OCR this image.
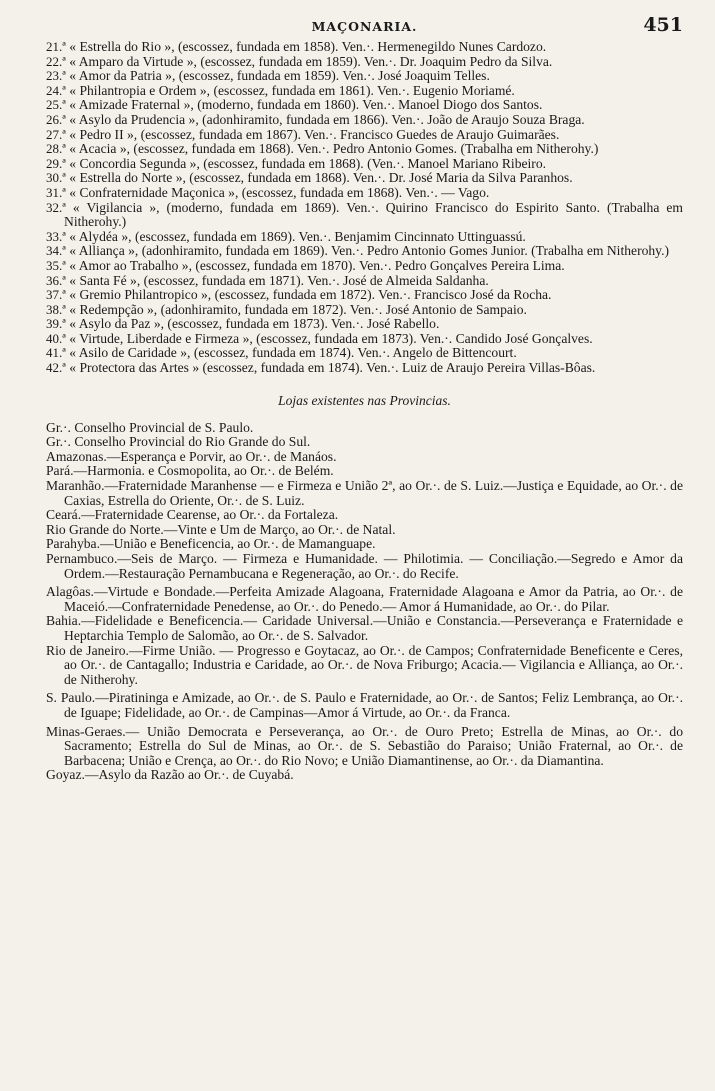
MAÇONARIA.	451

21.ª « Estrella do Rio », (escossez, fundada em 1858). Ven.·. Hermenegildo Nunes Cardozo.

22.ª « Amparo da Virtude », (escossez, fundada em 1859). Ven.·. Dr. Joaquim Pedro da Silva.

23.ª « Amor da Patria », (escossez, fundada em 1859). Ven.·. José Joaquim Telles.

24.ª « Philantropia e Ordem », (escossez, fundada em 1861). Ven.·. Eugenio Moriamé.

25.ª « Amizade Fraternal », (moderno, fundada em 1860). Ven.·. Manoel Diogo dos Santos.

26.ª « Asylo da Prudencia », (adonhiramito, fundada em 1866). Ven.·. João de Araujo Souza Braga.

27.ª « Pedro II », (escossez, fundada em 1867). Ven.·. Francisco Guedes de Araujo Guimarães.

28.ª « Acacia », (escossez, fundada em 1868). Ven.·. Pedro Antonio Gomes. (Trabalha em Nitherohy.)

29.ª « Concordia Segunda », (escossez, fundada em 1868). (Ven.·. Manoel Mariano Ribeiro.

30.ª « Estrella do Norte », (escossez, fundada em 1868). Ven.·. Dr. José Maria da Silva Paranhos.

31.ª « Confraternidade Maçonica », (escossez, fundada em 1868). Ven.·. — Vago.

32.ª « Vigilancia », (moderno, fundada em 1869). Ven.·. Quirino Francisco do Espirito Santo. (Trabalha em Nitherohy.)

33.ª « Alydéa », (escossez, fundada em 1869). Ven.·. Benjamim Cincinnato Uttinguassú.

34.ª « Alliança », (adonhiramito, fundada em 1869). Ven.·. Pedro Antonio Gomes Junior. (Trabalha em Nitherohy.)

35.ª « Amor ao Trabalho », (escossez, fundada em 1870). Ven.·. Pedro Gonçalves Pereira Lima.

36.ª « Santa Fé », (escossez, fundada em 1871). Ven.·. José de Almeida Saldanha.

37.ª « Gremio Philantropico », (escossez, fundada em 1872). Ven.·. Francisco José da Rocha.

38.ª « Redempção », (adonhiramito, fundada em 1872). Ven.·. José Antonio de Sampaio.

39.ª « Asylo da Paz », (escossez, fundada em 1873). Ven.·. José Rabello.

40.ª « Virtude, Liberdade e Firmeza », (escossez, fundada em 1873). Ven.·. Candido José Gonçalves.

41.ª « Asilo de Caridade », (escossez, fundada em 1874). Ven.·. Angelo de Bittencourt.

42.ª « Protectora das Artes » (escossez, fundada em 1874). Ven.·. Luiz de Araujo Pereira Villas-Bôas.

Lojas existentes nas Provincias.

Gr.·. Conselho Provincial de S. Paulo.

Gr.·. Conselho Provincial do Rio Grande do Sul.

Amazonas.—Esperança e Porvir, ao Or.·. de Manáos.

Pará.—Harmonia. e Cosmopolita, ao Or.·. de Belém.

Maranhão.—Fraternidade Maranhense — e Firmeza e União 2ª, ao Or.·. de S. Luiz.—Justiça e Equidade, ao Or.·. de Caxias, Estrella do Oriente, Or.·. de S. Luiz.

Ceará.—Fraternidade Cearense, ao Or.·. da Fortaleza.

Rio Grande do Norte.—Vinte e Um de Março, ao Or.·. de Natal.

Parahyba.—União e Beneficencia, ao Or.·. de Mamanguape.

Pernambuco.—Seis de Março. — Firmeza e Humanidade. — Philotimia. — Conciliação.—Segredo e Amor da Ordem.—Restauração Pernambucana e Regeneração, ao Or.·. do Recife.

Alagôas.—Virtude e Bondade.—Perfeita Amizade Alagoana, Fraternidade Alagoana e Amor da Patria, ao Or.·. de Maceió.—Confraternidade Penedense, ao Or.·. do Penedo.— Amor á Humanidade, ao Or.·. do Pilar.

Bahia.—Fidelidade e Beneficencia.— Caridade Universal.—União e Constancia.—Perseverança e Fraternidade e Heptarchia Templo de Salomão, ao Or.·. de S. Salvador.

Rio de Janeiro.—Firme União. — Progresso e Goytacaz, ao Or.·. de Campos; Confraternidade Beneficente e Ceres, ao Or.·. de Cantagallo; Industria e Caridade, ao Or.·. de Nova Friburgo; Acacia.— Vigilancia e Alliança, ao Or.·. de Nitherohy.

S. Paulo.—Piratininga e Amizade, ao Or.·. de S. Paulo e Fraternidade, ao Or.·. de Santos; Feliz Lembrança, ao Or.·. de Iguape; Fidelidade, ao Or.·. de Campinas—Amor á Virtude, ao Or.·. da Franca.

Minas-Geraes.— União Democrata e Perseverança, ao Or.·. de Ouro Preto; Estrella de Minas, ao Or.·. do Sacramento; Estrella do Sul de Minas, ao Or.·. de S. Sebastião do Paraiso; União Fraternal, ao Or.·. de Barbacena; União e Crença, ao Or.·. do Rio Novo; e União Diamantinense, ao Or.·. da Diamantina.

Goyaz.—Asylo da Razão ao Or.·. de Cuyabá.
